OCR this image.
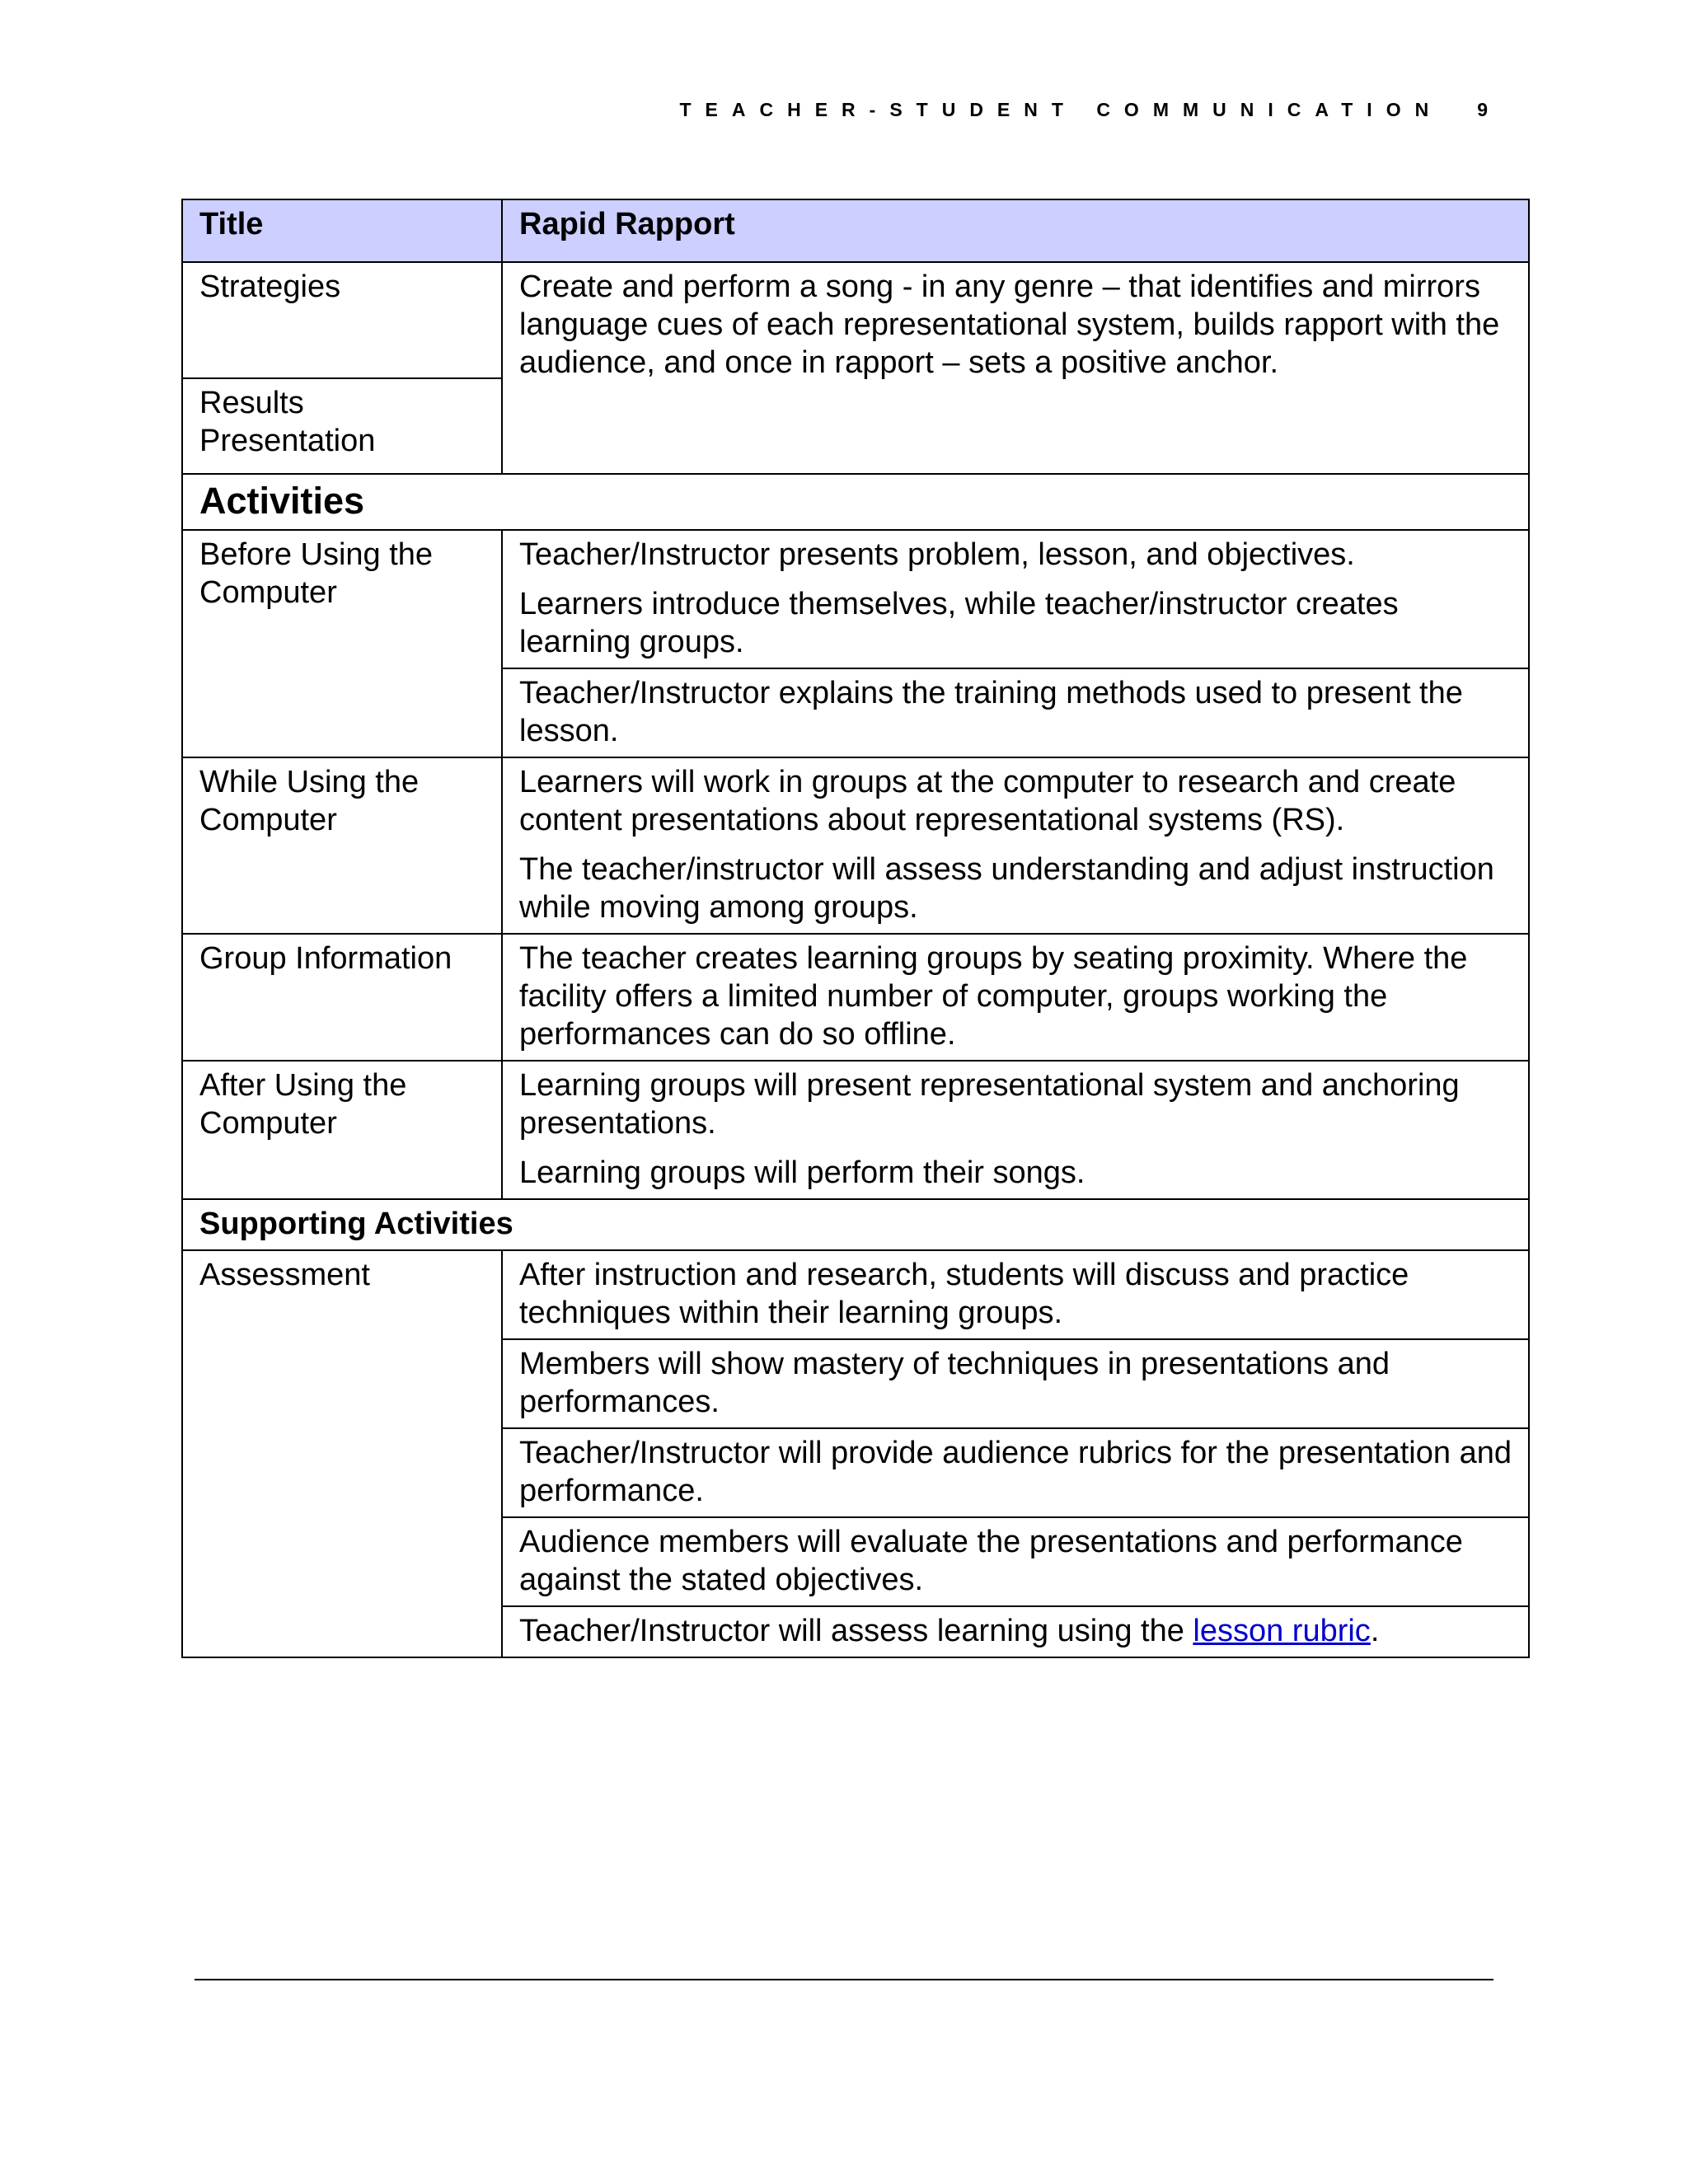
TEACHER-STUDENT COMMUNICATION 9
Title	Rapid Rapport
Strategies	Create and perform a song - in any genre – that identifies and mirrors language cues of each representational system, builds rapport with the audience, and once in rapport – sets a positive anchor.
Results Presentation	
Activities	
Before Using the Computer	Teacher/Instructor presents problem, lesson, and objectives.

Learners introduce themselves, while teacher/instructor creates learning groups.

	Teacher/Instructor explains the training methods used to present the lesson.
While Using the Computer	Learners will work in groups at the computer to research and create content presentations about representational systems (RS).

The teacher/instructor will assess understanding and adjust instruction while moving among groups.

Group Information	The teacher creates learning groups by seating proximity. Where the facility offers a limited number of computer, groups working the performances can do so offline.
After Using the Computer	Learning groups will present representational system and anchoring presentations.

Learning groups will perform their songs.

Supporting Activities	
Assessment	After instruction and research, students will discuss and practice techniques within their learning groups.
	Members will show mastery of techniques in presentations and performances.
	Teacher/Instructor will provide audience rubrics for the presentation and performance.
	Audience members will evaluate the presentations and performance against the stated objectives.
	Teacher/Instructor will assess learning using the lesson rubric.
